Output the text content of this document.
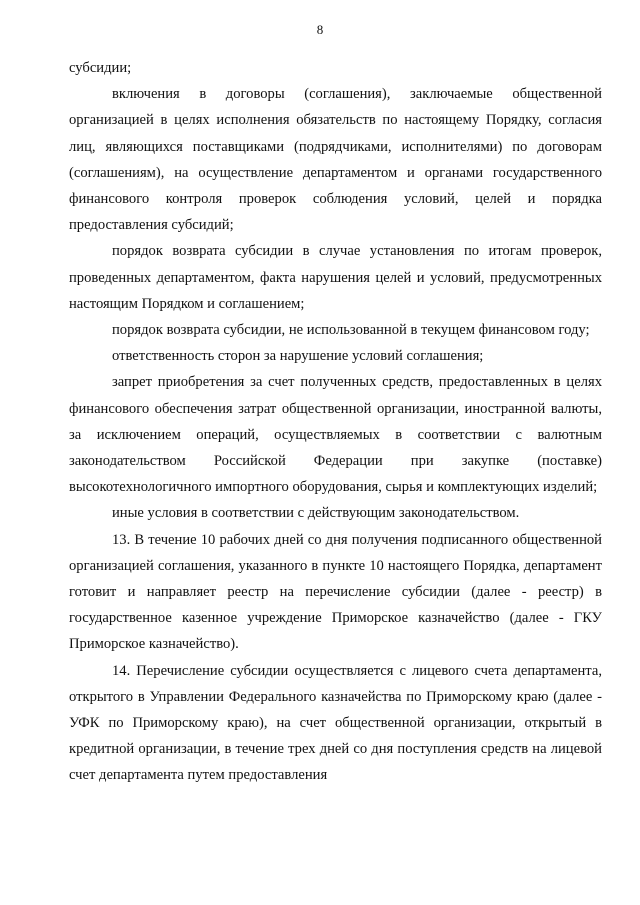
8

субсидии;

включения в договоры (соглашения), заключаемые общественной организацией в целях исполнения обязательств по настоящему Порядку, согласия лиц, являющихся поставщиками (подрядчиками, исполнителями) по договорам (соглашениям), на осуществление департаментом и органами государственного финансового контроля проверок соблюдения условий, целей и порядка предоставления субсидий;

порядок возврата субсидии в случае установления по итогам проверок, проведенных департаментом, факта нарушения целей и условий, предусмотренных настоящим Порядком и соглашением;

порядок возврата субсидии, не использованной в текущем финансовом году;

ответственность сторон за нарушение условий соглашения;

запрет приобретения за счет полученных средств, предоставленных в целях финансового обеспечения затрат общественной организации, иностранной валюты, за исключением операций, осуществляемых в соответствии с валютным законодательством Российской Федерации при закупке (поставке) высокотехнологичного импортного оборудования, сырья и комплектующих изделий;

иные условия в соответствии с действующим законодательством.

13. В течение 10 рабочих дней со дня получения подписанного общественной организацией соглашения, указанного в пункте 10 настоящего Порядка, департамент готовит и направляет реестр на перечисление субсидии (далее - реестр) в государственное казенное учреждение Приморское казначейство (далее - ГКУ Приморское казначейство).

14. Перечисление субсидии осуществляется с лицевого счета департамента, открытого в Управлении Федерального казначейства по Приморскому краю (далее - УФК по Приморскому краю), на счет общественной организации, открытый в кредитной организации, в течение трех дней со дня поступления средств на лицевой счет департамента путем предоставления
